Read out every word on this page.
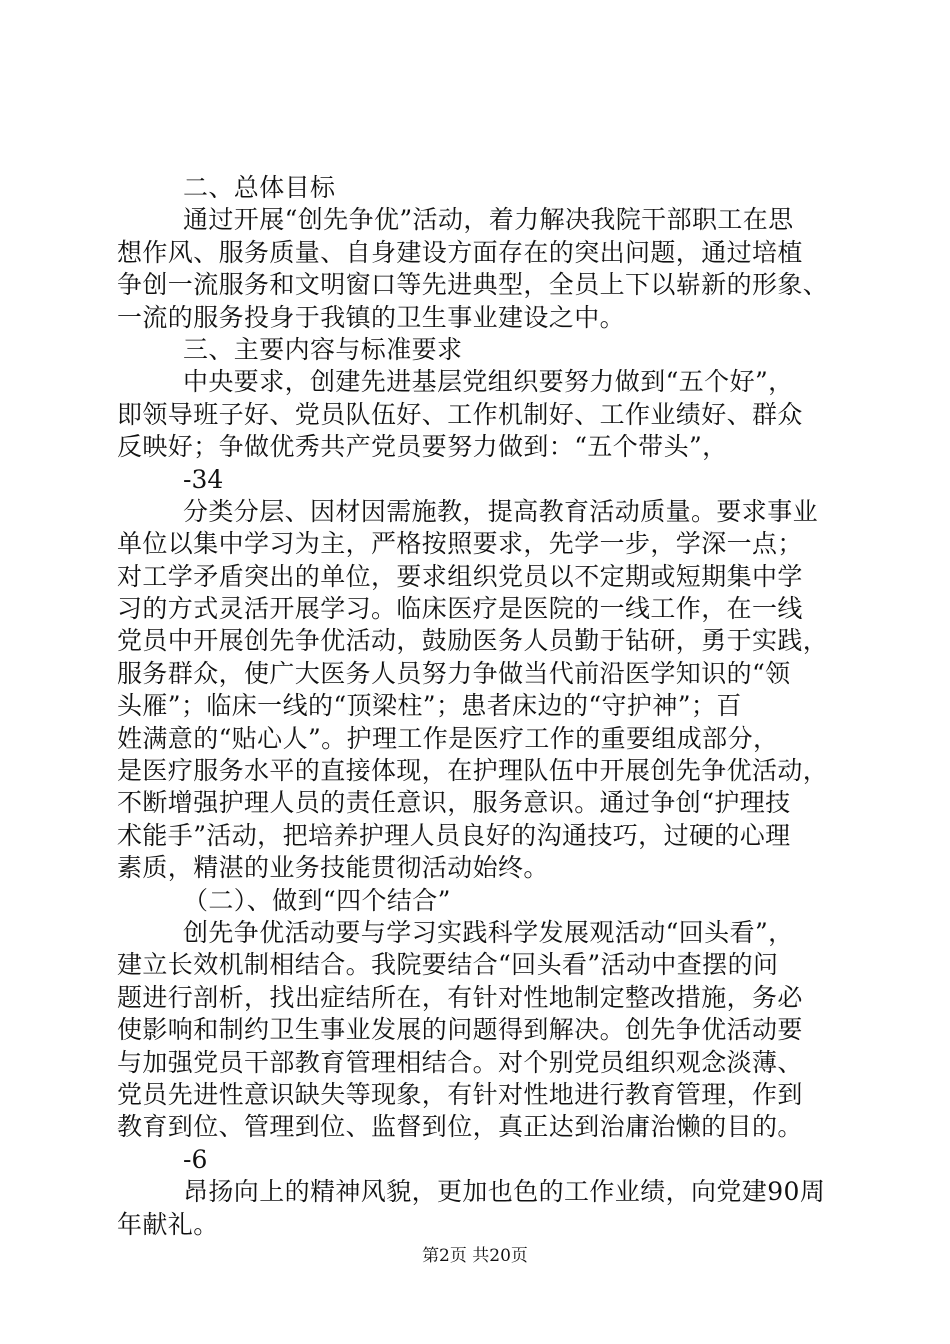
二、总体目标
通过开展“创先争优”活动，着力解决我院干部职工在思
想作风、服务质量、自身建设方面存在的突出问题，通过培植
争创一流服务和文明窗口等先进典型，全员上下以崭新的形象、
一流的服务投身于我镇的卫生事业建设之中。
三、主要内容与标准要求
中央要求，创建先进基层党组织要努力做到“五个好”，
即领导班子好、党员队伍好、工作机制好、工作业绩好、群众
反映好；争做优秀共产党员要努力做到：“五个带头”，
-34
分类分层、因材因需施教，提高教育活动质量。要求事业
单位以集中学习为主，严格按照要求，先学一步，学深一点；
对工学矛盾突出的单位，要求组织党员以不定期或短期集中学
习的方式灵活开展学习。临床医疗是医院的一线工作，在一线
党员中开展创先争优活动，鼓励医务人员勤于钻研，勇于实践，
服务群众，使广大医务人员努力争做当代前沿医学知识的“领
头雁”；临床一线的“顶梁柱”；患者床边的“守护神”；百
姓满意的“贴心人”。护理工作是医疗工作的重要组成部分，
是医疗服务水平的直接体现，在护理队伍中开展创先争优活动，
不断增强护理人员的责任意识，服务意识。通过争创“护理技
术能手”活动，把培养护理人员良好的沟通技巧，过硬的心理
素质，精湛的业务技能贯彻活动始终。
（二）、做到“四个结合”
创先争优活动要与学习实践科学发展观活动“回头看”，
建立长效机制相结合。我院要结合“回头看”活动中查摆的问
题进行剖析，找出症结所在，有针对性地制定整改措施，务必
使影响和制约卫生事业发展的问题得到解决。创先争优活动要
与加强党员干部教育管理相结合。对个别党员组织观念淡薄、
党员先进性意识缺失等现象，有针对性地进行教育管理，作到
教育到位、管理到位、监督到位，真正达到治庸治懒的目的。
-6
昂扬向上的精神风貌，更加也色的工作业绩，向党建90周
年献礼。
第2页 共20页
